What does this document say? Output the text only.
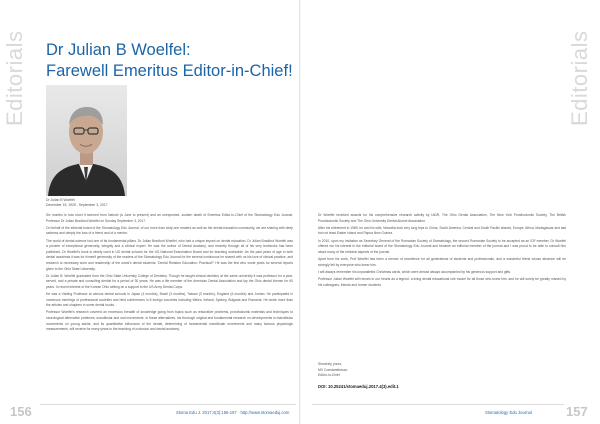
Editorials	Editorials
Dr Julian B Woelfel:
Farewell Emeritus Editor-in-Chief!
Dr Julian B Woelfel
December 15, 1925 - September 3, 2017

Six months is how short it seemed from Nairobi (a June to present) and an unexpected, sudden death of Emeritus Editor-in-Chief of the Stomatology Edu Journal, Professor Dr Julian Bradford Woelfel on Sunday September 3, 2017.

On behalf of the editorial board of the Stomatology Edu Journal, of our more than sixty-one readers as well as the dental education community, we are sharing with deep sadness and deeply the loss of a friend and of a mentor.

The world of dental science lost one of its fundamental pillars. Dr Julian Bradford Woelfel, who had a unique impact on dental education. Dr Julian Bradford Woelfel was a pioneer of exceptional generosity, integrity and a clinical expert. He was the author of Dental Anatomy, and recently through all of his very textbooks has been published. Dr Woelfel's book is widely used in US dental schools for the US National Examination Board and for teaching worldwide. As the past years of age in both dental academia it was for himself generosity of the readers of the Stomatology Edu Journal for the several continuous he shared with us his love of clinical practice, and research is necessary work and readership of the world's dental students. 'Dental Relation Education: Practical?' He was the first who wrote posts for several reports given to the Ohio State University.

Dr Julian B. Woelfel graduated from the Ohio State University College of Dentistry. Though he taught clinical dentistry at the same university it was professor for a year, served, and a private and consulting dentist for a period of 30 years. He was a life member of the American Dental Association and lay the Ohio dental license for 60 years. In recent interest of the Korean Ohio setting on a support to the US Army Dental Corps.

He was a Visiting Professor at various dental schools in Japan (4 months), Brazil (3 months), Taiwan (3 months), England (6 months) and Jordan. He participated in numerous meetings of professional societies and held conferences in 8 foreign countries including Wales, Ireland, Sydney, Bulgaria and Romania. He wrote more than the articles and chapters in some dental books.

Professor Woelfel's research covered an enormous breadth of knowledge going from topics such as restorative problems, prosthodontic materials and techniques to neurological alternative problems, mandibular and oral movements. In these alternatives, his thorough original and fundamental research on developments in mandibular movements on young adults, and its quantitative influences of the dental, determining of fundamental mandibular movements and many famous physiologic measurements, will receive for many years in the teaching of occlusion and dental anatomy.

Dr Woelfel received awards for his comprehensive research activity by IADR, The Ohio Dental Association, The New York Prosthodontic Society, The British Prosthodontic Society and The Ohio University Dental Alumni Association.

After his retirement in 1989, he and his wife, Marcella took very long trips to China, South America, Central and South Pacific islands, Europe, Africa, Madagascar and last but not least Easter Island and Papua New Guinea.

In 2010, upon my invitation as Secretary General of the Romanian Society of Stomatology, the second Romanian Society to be accepted as an IDF member, Dr Woelfel offered me his interest in the editorial board of the Stomatology Edu Journal and became an editorial member of the journal and I was proud to be able to consult him about many of the editorial aspects of the journal.

Apart from his work, Prof Woelfel has been a mentor of excellence for all generations of students and professionals, and a wonderful friend whose absence will be strongly felt by everyone who knew him.

I will always remember his unparalleled Christmas cards, which were almost always accompanied by his generous support and gifts.

Professor Julian Woelfel will remain in our hearts as a legend, a living dental educational role model for all those who knew him, and he will surely be greatly missed by his colleagues, friends and former students.

Sincerely yours,
MV Constantinescu
Editor-in-Chief
DOI: 10.25241/stomaeduj.2017.4(3).edit.1
156	157
Stoma Edu J. 2017;4(3):156-157 · http://www.stomaeduj.com	Stomatology Edu Journal
